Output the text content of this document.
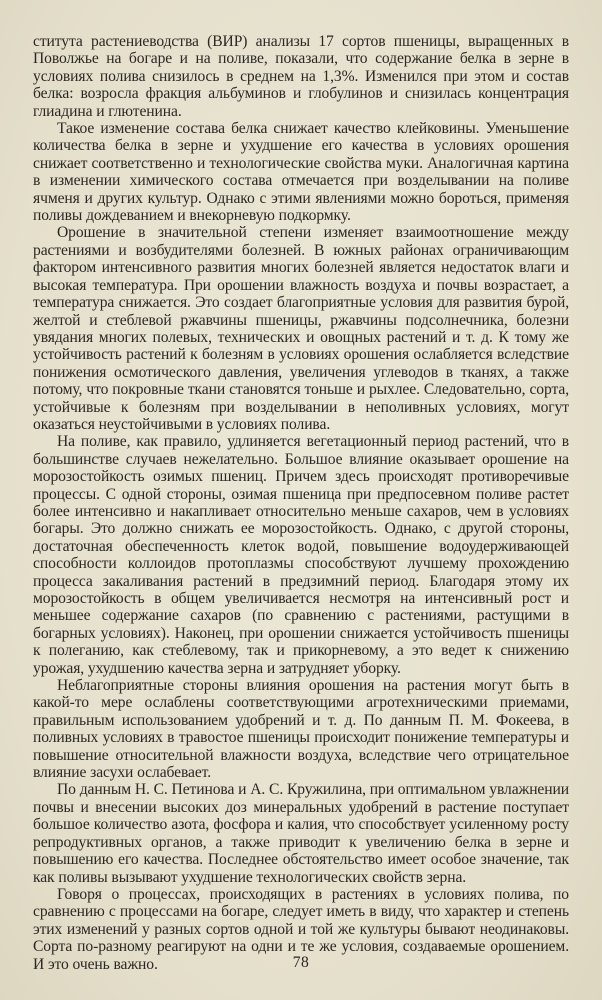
ститута растениеводства (ВИР) анализы 17 сортов пшеницы, выращенных в Поволжье на богаре и на поливе, показали, что содержание белка в зерне в условиях полива снизилось в среднем на 1,3%. Изменился при этом и состав белка: возросла фракция альбуминов и глобулинов и снизилась концентрация глиадина и глютенина.

Такое изменение состава белка снижает качество клейковины. Уменьшение количества белка в зерне и ухудшение его качества в условиях орошения снижает соответственно и технологические свойства муки. Аналогичная картина в изменении химического состава отмечается при возделывании на поливе ячменя и других культур. Однако с этими явлениями можно бороться, применяя поливы дождеванием и внекорневую подкормку.

Орошение в значительной степени изменяет взаимоотношение между растениями и возбудителями болезней. В южных районах ограничивающим фактором интенсивного развития многих болезней является недостаток влаги и высокая температура. При орошении влажность воздуха и почвы возрастает, а температура снижается. Это создает благоприятные условия для развития бурой, желтой и стеблевой ржавчины пшеницы, ржавчины подсолнечника, болезни увядания многих полевых, технических и овощных растений и т. д. К тому же устойчивость растений к болезням в условиях орошения ослабляется вследствие понижения осмотического давления, увеличения углеводов в тканях, а также потому, что покровные ткани становятся тоньше и рыхлее. Следовательно, сорта, устойчивые к болезням при возделывании в неполивных условиях, могут оказаться неустойчивыми в условиях полива.

На поливе, как правило, удлиняется вегетационный период растений, что в большинстве случаев нежелательно. Большое влияние оказывает орошение на морозостойкость озимых пшениц. Причем здесь происходят противоречивые процессы. С одной стороны, озимая пшеница при предпосевном поливе растет более интенсивно и накапливает относительно меньше сахаров, чем в условиях богары. Это должно снижать ее морозостойкость. Однако, с другой стороны, достаточная обеспеченность клеток водой, повышение водоудерживающей способности коллоидов протоплазмы способствуют лучшему прохождению процесса закаливания растений в предзимний период. Благодаря этому их морозостойкость в общем увеличивается несмотря на интенсивный рост и меньшее содержание сахаров (по сравнению с растениями, растущими в богарных условиях). Наконец, при орошении снижается устойчивость пшеницы к полеганию, как стеблевому, так и прикорневому, а это ведет к снижению урожая, ухудшению качества зерна и затрудняет уборку.

Неблагоприятные стороны влияния орошения на растения могут быть в какой-то мере ослаблены соответствующими агротехническими приемами, правильным использованием удобрений и т. д. По данным П. М. Фокеева, в поливных условиях в травостое пшеницы происходит понижение температуры и повышение относительной влажности воздуха, вследствие чего отрицательное влияние засухи ослабевает.

По данным Н. С. Петинова и А. С. Кружилина, при оптимальном увлажнении почвы и внесении высоких доз минеральных удобрений в растение поступает большое количество азота, фосфора и калия, что способствует усиленному росту репродуктивных органов, а также приводит к увеличению белка в зерне и повышению его качества. Последнее обстоятельство имеет особое значение, так как поливы вызывают ухудшение технологических свойств зерна.

Говоря о процессах, происходящих в растениях в условиях полива, по сравнению с процессами на богаре, следует иметь в виду, что характер и степень этих изменений у разных сортов одной и той же культуры бывают неодинаковы. Сорта по-разному реагируют на одни и те же условия, создаваемые орошением. И это очень важно.	78
